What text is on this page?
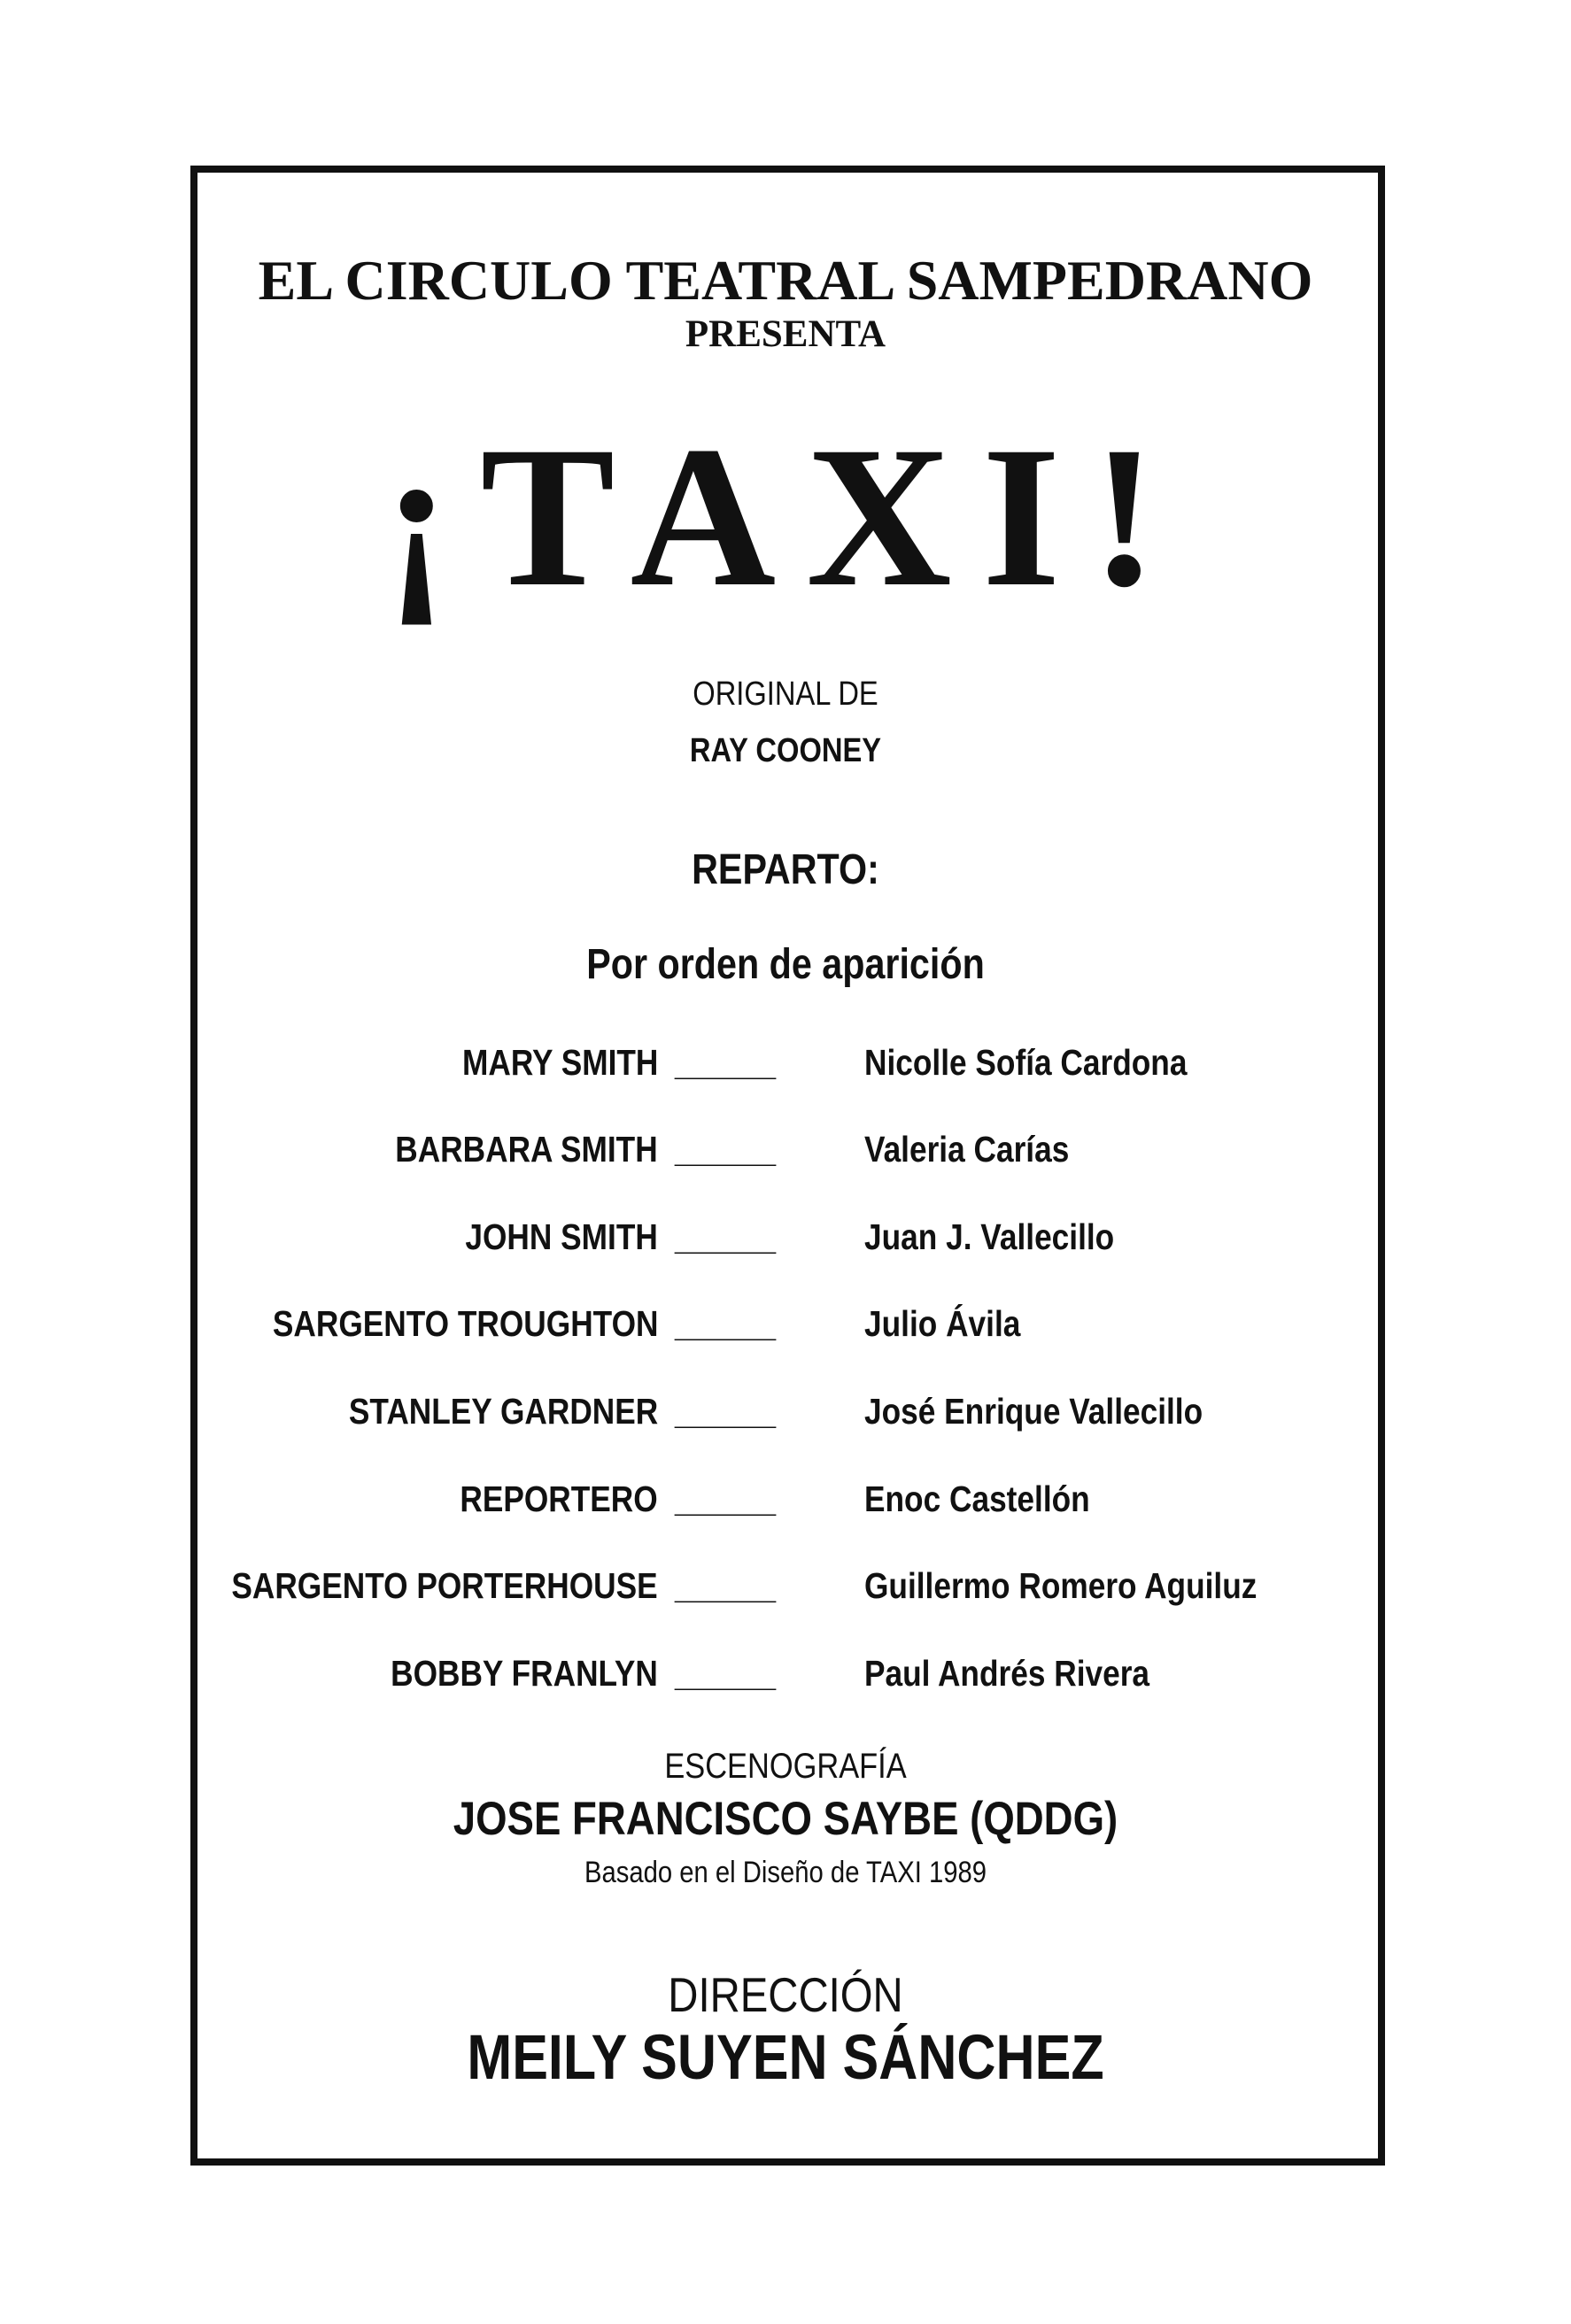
EL CIRCULO TEATRAL SAMPEDRANO
PRESENTA
¡TAXI!
ORIGINAL DE
RAY COONEY
REPARTO:
Por orden de aparición
MARY SMITH _____ Nicolle Sofía Cardona
BARBARA SMITH _____ Valeria Carías
JOHN SMITH _____ Juan J. Vallecillo
SARGENTO TROUGHTON _____ Julio Ávila
STANLEY GARDNER _____ José Enrique Vallecillo
REPORTERO _____ Enoc Castellón
SARGENTO PORTERHOUSE _____ Guillermo Romero Aguiluz
BOBBY FRANLYN _____ Paul Andrés Rivera
ESCENOGRAFÍA
JOSE FRANCISCO SAYBE (QDDG)
Basado en el Diseño de TAXI 1989
DIRECCIÓN
MEILY SUYEN SÁNCHEZ
